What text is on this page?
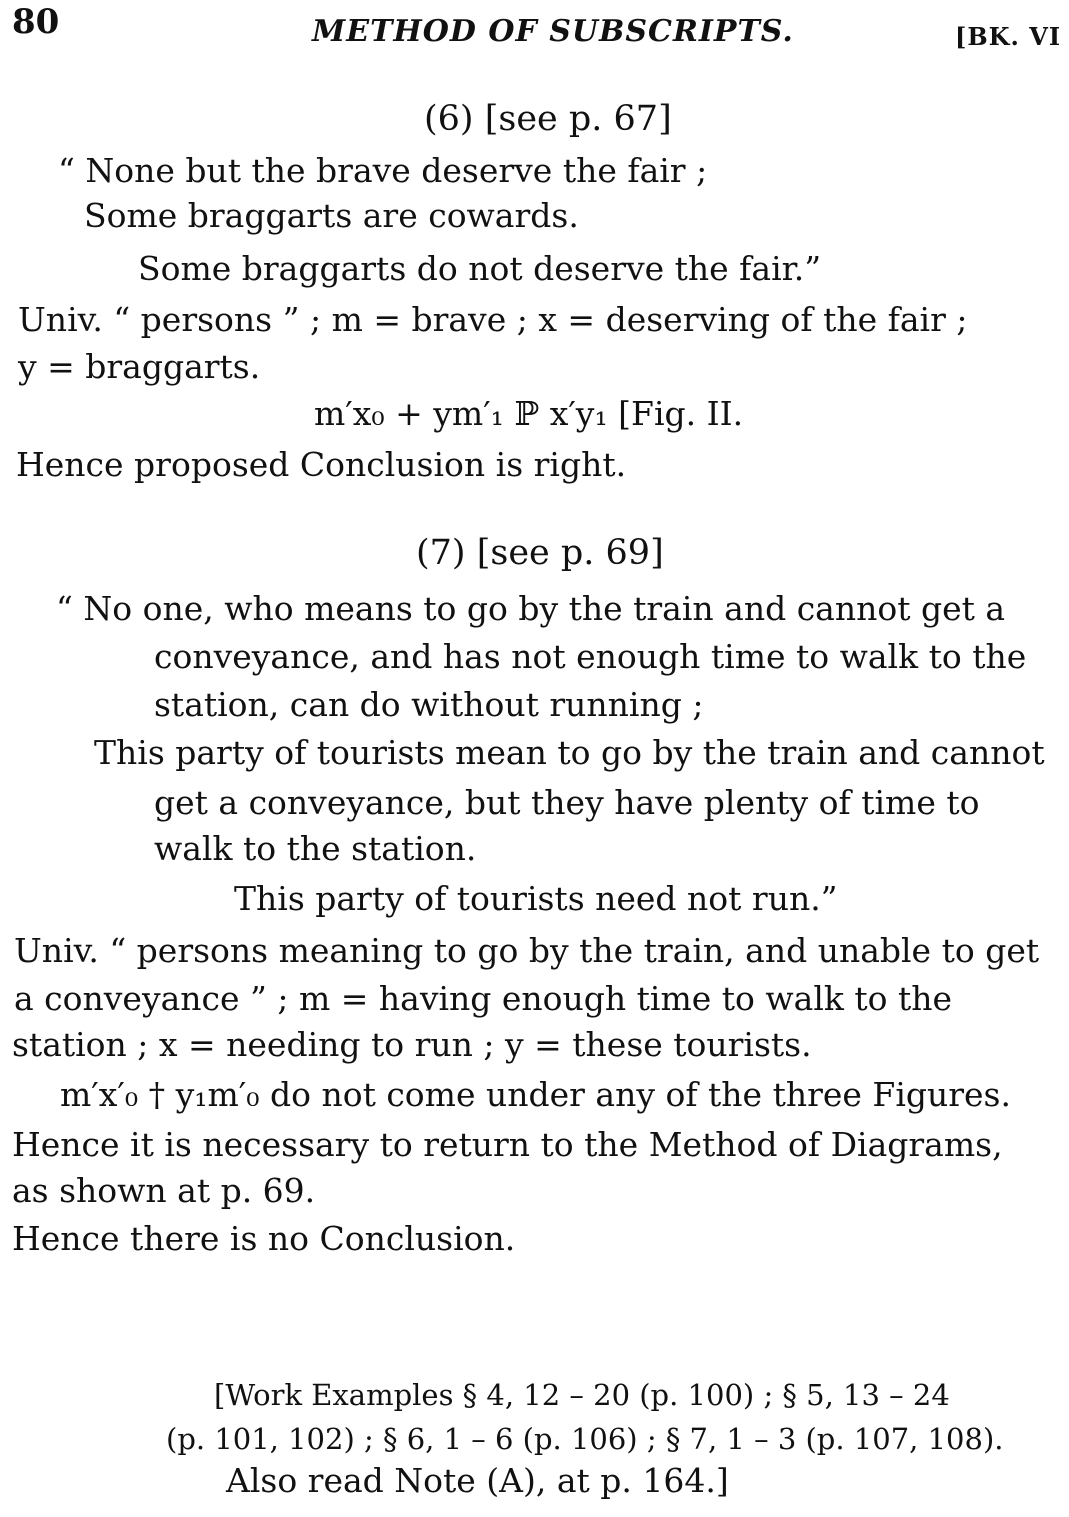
80	METHOD OF SUBSCRIPTS.	[BK. VI
(6) [see p. 67]
“ None but the brave deserve the fair ;
Some braggarts are cowards.
Some braggarts do not deserve the fair.”
Univ. “ persons ” ; m = brave ; x = deserving of the fair ;
y = braggarts.
m′x₀ + ym′₁ ℙ x′y₁ [Fig. II.
Hence proposed Conclusion is right.
(7) [see p. 69]
“ No one, who means to go by the train and cannot get a
conveyance, and has not enough time to walk to the
station, can do without running ;
This party of tourists mean to go by the train and cannot
get a conveyance, but they have plenty of time to
walk to the station.
This party of tourists need not run.”
Univ. “ persons meaning to go by the train, and unable to get
a conveyance ” ; m = having enough time to walk to the
station ; x = needing to run ; y = these tourists.
m′x′₀ † y₁m′₀ do not come under any of the three Figures.
Hence it is necessary to return to the Method of Diagrams,
as shown at p. 69.
Hence there is no Conclusion.
[Work Examples § 4, 12 – 20 (p. 100) ; § 5, 13 – 24
(p. 101, 102) ; § 6, 1 – 6 (p. 106) ; § 7, 1 – 3 (p. 107, 108).
Also read Note (A), at p. 164.]
